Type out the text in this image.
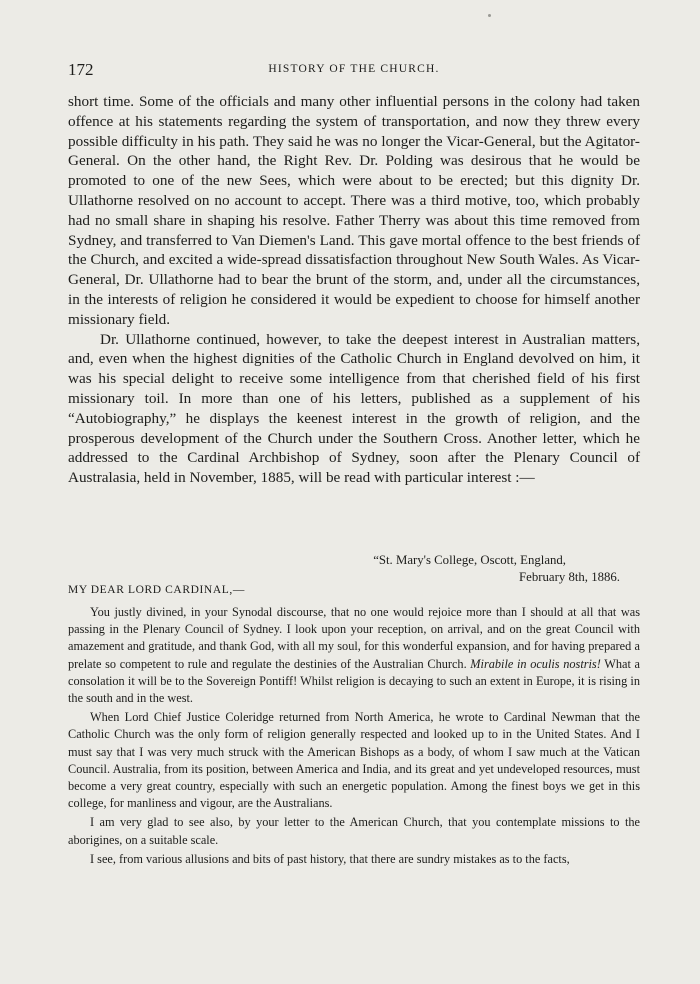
172	HISTORY OF THE CHURCH.

short time. Some of the officials and many other influential persons in the colony had taken offence at his statements regarding the system of transportation, and now they threw every possible difficulty in his path. They said he was no longer the Vicar-General, but the Agitator-General. On the other hand, the Right Rev. Dr. Polding was desirous that he would be promoted to one of the new Sees, which were about to be erected; but this dignity Dr. Ullathorne resolved on no account to accept. There was a third motive, too, which probably had no small share in shaping his resolve. Father Therry was about this time removed from Sydney, and transferred to Van Diemen's Land. This gave mortal offence to the best friends of the Church, and excited a wide-spread dissatisfaction throughout New South Wales. As Vicar-General, Dr. Ullathorne had to bear the brunt of the storm, and, under all the circumstances, in the interests of religion he considered it would be expedient to choose for himself another missionary field.

Dr. Ullathorne continued, however, to take the deepest interest in Australian matters, and, even when the highest dignities of the Catholic Church in England devolved on him, it was his special delight to receive some intelligence from that cherished field of his first missionary toil. In more than one of his letters, published as a supplement of his “Autobiography,” he displays the keenest interest in the growth of religion, and the prosperous development of the Church under the Southern Cross. Another letter, which he addressed to the Cardinal Archbishop of Sydney, soon after the Plenary Council of Australasia, held in November, 1885, will be read with particular interest :—

“St. Mary's College, Oscott, England,
February 8th, 1886.
MY DEAR LORD CARDINAL,—

You justly divined, in your Synodal discourse, that no one would rejoice more than I should at all that was passing in the Plenary Council of Sydney. I look upon your reception, on arrival, and on the great Council with amazement and gratitude, and thank God, with all my soul, for this wonderful expansion, and for having prepared a prelate so competent to rule and regulate the destinies of the Australian Church. Mirabile in oculis nostris! What a consolation it will be to the Sovereign Pontiff! Whilst religion is decaying to such an extent in Europe, it is rising in the south and in the west.

When Lord Chief Justice Coleridge returned from North America, he wrote to Cardinal Newman that the Catholic Church was the only form of religion generally respected and looked up to in the United States. And I must say that I was very much struck with the American Bishops as a body, of whom I saw much at the Vatican Council. Australia, from its position, between America and India, and its great and yet undeveloped resources, must become a very great country, especially with such an energetic population. Among the finest boys we get in this college, for manliness and vigour, are the Australians.

I am very glad to see also, by your letter to the American Church, that you contemplate missions to the aborigines, on a suitable scale.

I see, from various allusions and bits of past history, that there are sundry mistakes as to the facts,
